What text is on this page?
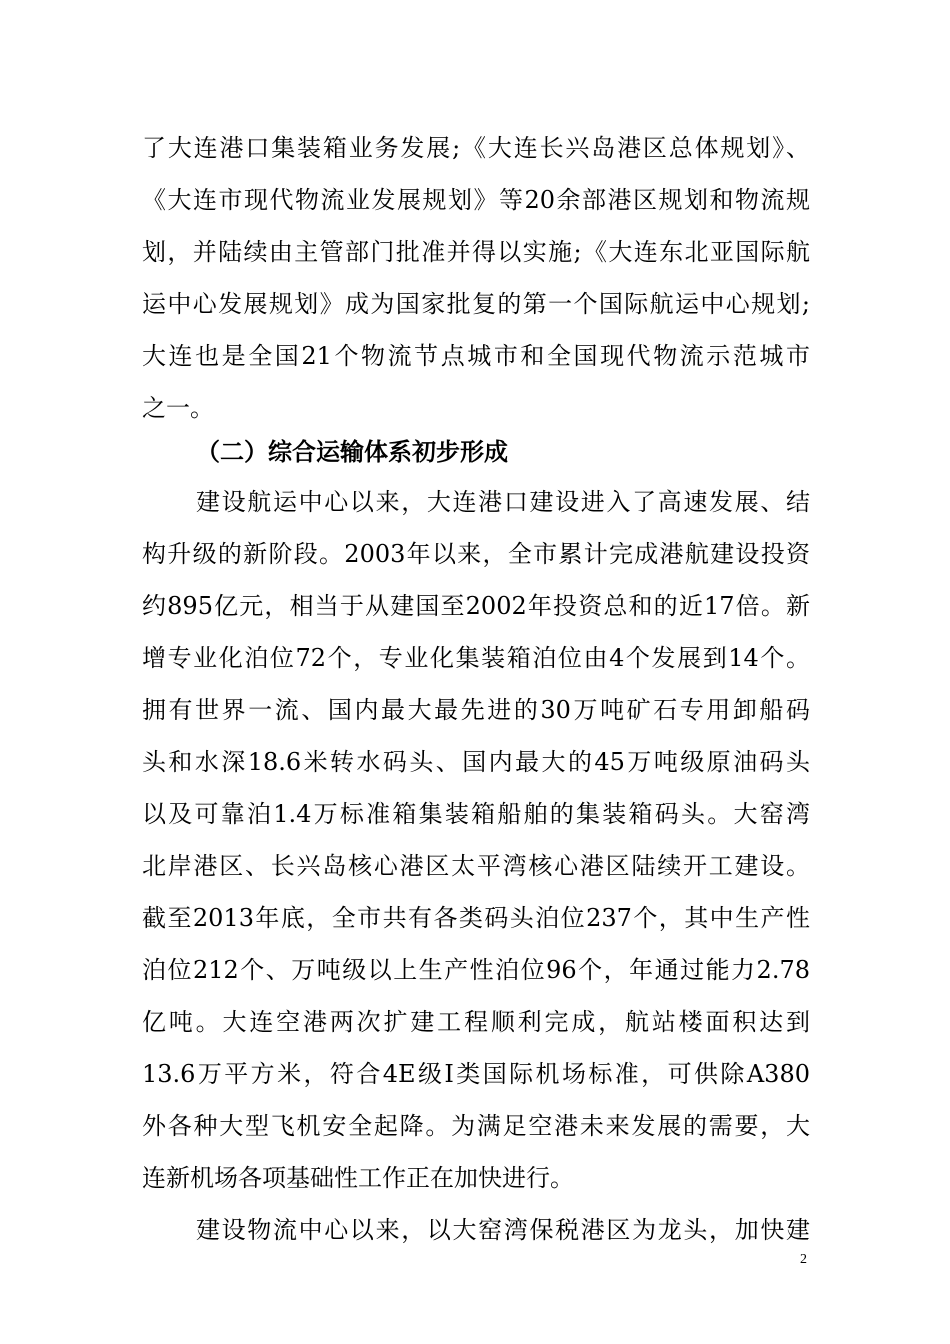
了大连港口集装箱业务发展;《大连长兴岛港区总体规划》、
《大连市现代物流业发展规划》等20余部港区规划和物流规
划，并陆续由主管部门批准并得以实施;《大连东北亚国际航
运中心发展规划》成为国家批复的第一个国际航运中心规划;
大连也是全国21个物流节点城市和全国现代物流示范城市
之一。
（二）综合运输体系初步形成
建设航运中心以来，大连港口建设进入了高速发展、结
构升级的新阶段。2003年以来，全市累计完成港航建设投资
约895亿元，相当于从建国至2002年投资总和的近17倍。新
增专业化泊位72个，专业化集装箱泊位由4个发展到14个。
拥有世界一流、国内最大最先进的30万吨矿石专用卸船码
头和水深18.6米转水码头、国内最大的45万吨级原油码头
以及可靠泊1.4万标准箱集装箱船舶的集装箱码头。大窑湾
北岸港区、长兴岛核心港区太平湾核心港区陆续开工建设。
截至2013年底，全市共有各类码头泊位237个，其中生产性
泊位212个、万吨级以上生产性泊位96个，年通过能力2.78
亿吨。大连空港两次扩建工程顺利完成，航站楼面积达到
13.6万平方米，符合4E级Ⅰ类国际机场标准，可供除A380
外各种大型飞机安全起降。为满足空港未来发展的需要，大
连新机场各项基础性工作正在加快进行。
建设物流中心以来，以大窑湾保税港区为龙头，加快建
2
